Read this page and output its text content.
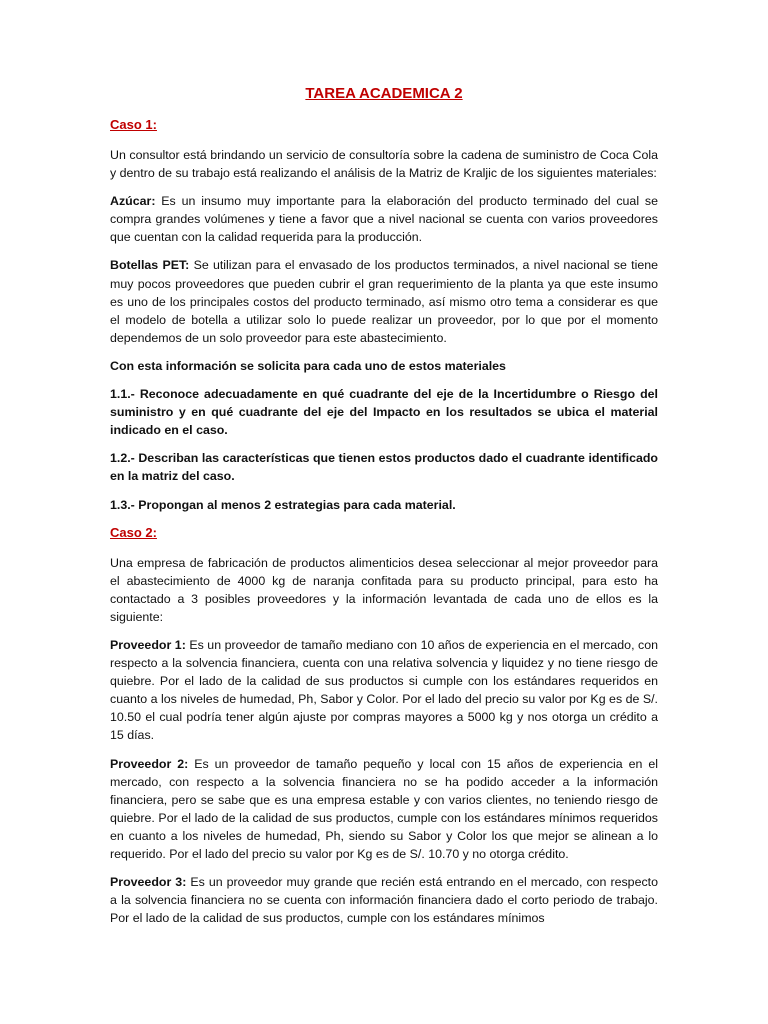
TAREA ACADEMICA 2
Caso 1:

Un consultor está brindando un servicio de consultoría sobre la cadena de suministro de Coca Cola y dentro de su trabajo está realizando el análisis de la Matriz de Kraljic de los siguientes materiales:

Azúcar: Es un insumo muy importante para la elaboración del producto terminado del cual se compra grandes volúmenes y tiene a favor que a nivel nacional se cuenta con varios proveedores que cuentan con la calidad requerida para la producción.

Botellas PET: Se utilizan para el envasado de los productos terminados, a nivel nacional se tiene muy pocos proveedores que pueden cubrir el gran requerimiento de la planta ya que este insumo es uno de los principales costos del producto terminado, así mismo otro tema a considerar es que el modelo de botella a utilizar solo lo puede realizar un proveedor, por lo que por el momento dependemos de un solo proveedor para este abastecimiento.

Con esta información se solicita para cada uno de estos materiales

1.1.- Reconoce adecuadamente en qué cuadrante del eje de la Incertidumbre o Riesgo del suministro y en qué cuadrante del eje del Impacto en los resultados se ubica el material indicado en el caso.

1.2.- Describan las características que tienen estos productos dado el cuadrante identificado en la matriz del caso.

1.3.- Propongan al menos 2 estrategias para cada material.

Caso 2:

Una empresa de fabricación de productos alimenticios desea seleccionar al mejor proveedor para el abastecimiento de 4000 kg de naranja confitada para su producto principal, para esto ha contactado a 3 posibles proveedores y la información levantada de cada uno de ellos es la siguiente:

Proveedor 1: Es un proveedor de tamaño mediano con 10 años de experiencia en el mercado, con respecto a la solvencia financiera, cuenta con una relativa solvencia y liquidez y no tiene riesgo de quiebre. Por el lado de la calidad de sus productos si cumple con los estándares requeridos en cuanto a los niveles de humedad, Ph, Sabor y Color. Por el lado del precio su valor por Kg es de S/. 10.50 el cual podría tener algún ajuste por compras mayores a 5000 kg y nos otorga un crédito a 15 días.

Proveedor 2: Es un proveedor de tamaño pequeño y local con 15 años de experiencia en el mercado, con respecto a la solvencia financiera no se ha podido acceder a la información financiera, pero se sabe que es una empresa estable y con varios clientes, no teniendo riesgo de quiebre. Por el lado de la calidad de sus productos, cumple con los estándares mínimos requeridos en cuanto a los niveles de humedad, Ph, siendo su Sabor y Color los que mejor se alinean a lo requerido. Por el lado del precio su valor por Kg es de S/. 10.70 y no otorga crédito.

Proveedor 3: Es un proveedor muy grande que recién está entrando en el mercado, con respecto a la solvencia financiera no se cuenta con información financiera dado el corto periodo de trabajo. Por el lado de la calidad de sus productos, cumple con los estándares mínimos
